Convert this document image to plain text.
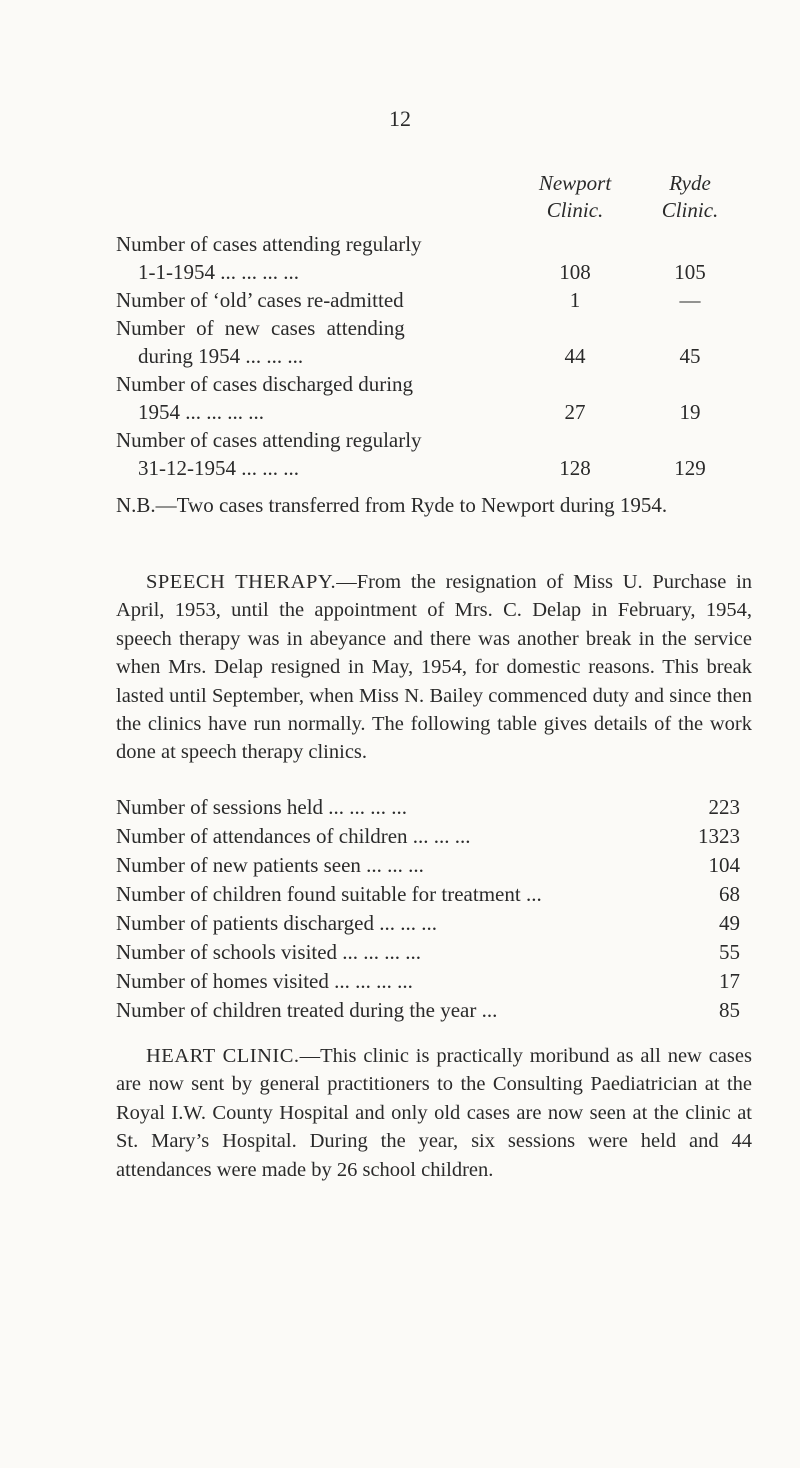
12
Newport
Clinic.
Ryde
Clinic.
Number of cases attending regularly
1-1-1954 ... ... ... ...	108	105
Number of ‘old’ cases re-admitted	1	—
Number of new cases attending
during 1954 ... ... ...	44	45
Number of cases discharged during
1954 ... ... ... ...	27	19
Number of cases attending regularly
31-12-1954 ... ... ...	128	129
N.B.—Two cases transferred from Ryde to Newport during 1954.
SPEECH THERAPY.—From the resignation of Miss U. Purchase in April, 1953, until the appointment of Mrs. C. Delap in February, 1954, speech therapy was in abeyance and there was another break in the service when Mrs. Delap resigned in May, 1954, for domestic reasons. This break lasted until September, when Miss N. Bailey commenced duty and since then the clinics have run normally. The following table gives details of the work done at speech therapy clinics.
Number of sessions held ... ... ... ...	223
Number of attendances of children ... ... ...	1323
Number of new patients seen ... ... ...	104
Number of children found suitable for treatment ...	68
Number of patients discharged ... ... ...	49
Number of schools visited ... ... ... ...	55
Number of homes visited ... ... ... ...	17
Number of children treated during the year ...	85
HEART CLINIC.—This clinic is practically moribund as all new cases are now sent by general practitioners to the Consulting Paediatrician at the Royal I.W. County Hospital and only old cases are now seen at the clinic at St. Mary’s Hospital. During the year, six sessions were held and 44 attendances were made by 26 school children.
